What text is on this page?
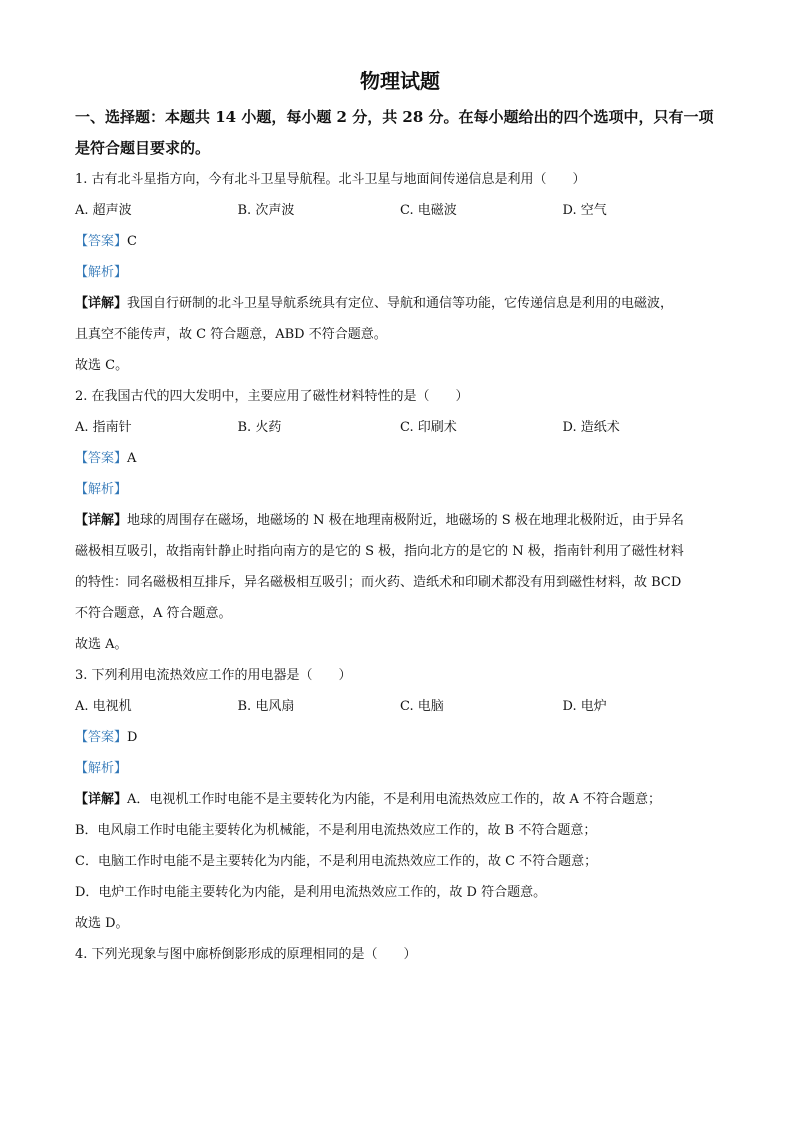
物理试题
一、选择题：本题共 14 小题，每小题 2 分，共 28 分。在每小题给出的四个选项中，只有一项是符合题目要求的。
1. 古有北斗星指方向，今有北斗卫星导航程。北斗卫星与地面间传递信息是利用（　　）
A. 超声波	B. 次声波	C. 电磁波	D. 空气
【答案】C
【解析】
【详解】我国自行研制的北斗卫星导航系统具有定位、导航和通信等功能，它传递信息是利用的电磁波，
且真空不能传声，故 C 符合题意，ABD 不符合题意。
故选 C。
2. 在我国古代的四大发明中，主要应用了磁性材料特性的是（　　）
A. 指南针	B. 火药	C. 印刷术	D. 造纸术
【答案】A
【解析】
【详解】地球的周围存在磁场，地磁场的 N 极在地理南极附近，地磁场的 S 极在地理北极附近，由于异名
磁极相互吸引，故指南针静止时指向南方的是它的 S 极，指向北方的是它的 N 极，指南针利用了磁性材料
的特性：同名磁极相互排斥，异名磁极相互吸引；而火药、造纸术和印刷术都没有用到磁性材料，故 BCD
不符合题意，A 符合题意。
故选 A。
3. 下列利用电流热效应工作的用电器是（　　）
A. 电视机	B. 电风扇	C. 电脑	D. 电炉
【答案】D
【解析】
【详解】A．电视机工作时电能不是主要转化为内能，不是利用电流热效应工作的，故 A 不符合题意；
B．电风扇工作时电能主要转化为机械能，不是利用电流热效应工作的，故 B 不符合题意；
C．电脑工作时电能不是主要转化为内能，不是利用电流热效应工作的，故 C 不符合题意；
D．电炉工作时电能主要转化为内能，是利用电流热效应工作的，故 D 符合题意。
故选 D。
4. 下列光现象与图中廊桥倒影形成的原理相同的是（　　）
